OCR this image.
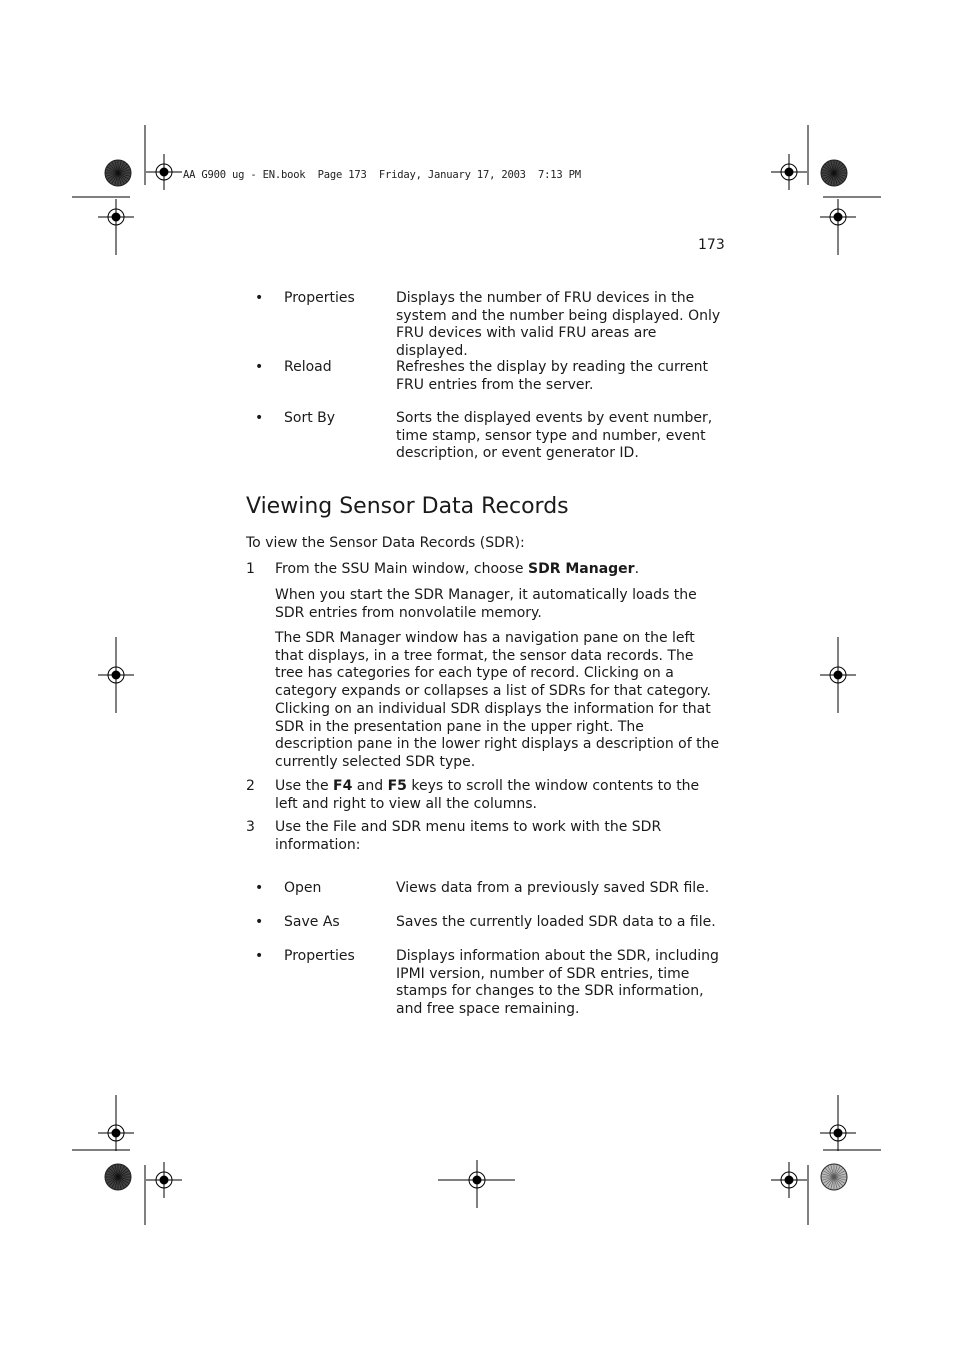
AA G900 ug - EN.book  Page 173  Friday, January 17, 2003  7:13 PM
173
• Properties	Displays the number of FRU devices in the system and the number being displayed. Only FRU devices with valid FRU areas are displayed.
• Reload	Refreshes the display by reading the current FRU entries from the server.
• Sort By	Sorts the displayed events by event number, time stamp, sensor type and number, event description, or event generator ID.
Viewing Sensor Data Records
To view the Sensor Data Records (SDR):
1 From the SSU Main window, choose SDR Manager.
When you start the SDR Manager, it automatically loads the SDR entries from nonvolatile memory.
The SDR Manager window has a navigation pane on the left that displays, in a tree format, the sensor data records. The tree has categories for each type of record. Clicking on a category expands or collapses a list of SDRs for that category. Clicking on an individual SDR displays the information for that SDR in the presentation pane in the upper right. The description pane in the lower right displays a description of the currently selected SDR type.
2 Use the F4 and F5 keys to scroll the window contents to the left and right to view all the columns.
3 Use the File and SDR menu items to work with the SDR information:
• Open	Views data from a previously saved SDR file.
• Save As	Saves the currently loaded SDR data to a file.
• Properties	Displays information about the SDR, including IPMI version, number of SDR entries, time stamps for changes to the SDR information, and free space remaining.
